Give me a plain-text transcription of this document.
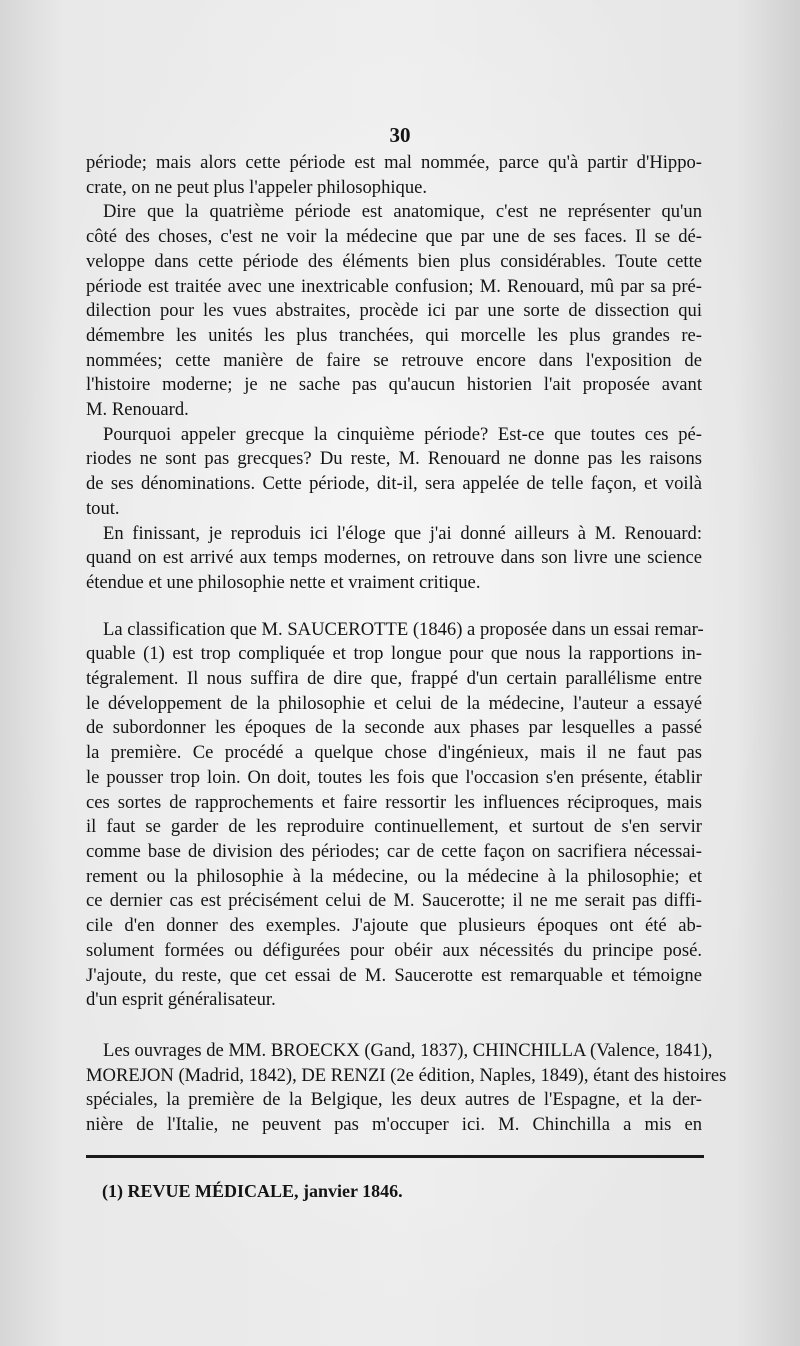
30
période; mais alors cette période est mal nommée, parce qu'à partir d'Hippo-
crate, on ne peut plus l'appeler philosophique.
Dire que la quatrième période est anatomique, c'est ne représenter qu'un
côté des choses, c'est ne voir la médecine que par une de ses faces. Il se dé-
veloppe dans cette période des éléments bien plus considérables. Toute cette
période est traitée avec une inextricable confusion; M. Renouard, mû par sa pré-
dilection pour les vues abstraites, procède ici par une sorte de dissection qui
démembre les unités les plus tranchées, qui morcelle les plus grandes re-
nommées; cette manière de faire se retrouve encore dans l'exposition de
l'histoire moderne; je ne sache pas qu'aucun historien l'ait proposée avant
M. Renouard.
Pourquoi appeler grecque la cinquième période? Est-ce que toutes ces pé-
riodes ne sont pas grecques? Du reste, M. Renouard ne donne pas les raisons
de ses dénominations. Cette période, dit-il, sera appelée de telle façon, et voilà
tout.
En finissant, je reproduis ici l'éloge que j'ai donné ailleurs à M. Renouard:
quand on est arrivé aux temps modernes, on retrouve dans son livre une science
étendue et une philosophie nette et vraiment critique.
La classification que M. SAUCEROTTE (1846) a proposée dans un essai remar-
quable (1) est trop compliquée et trop longue pour que nous la rapportions in-
tégralement. Il nous suffira de dire que, frappé d'un certain parallélisme entre
le développement de la philosophie et celui de la médecine, l'auteur a essayé
de subordonner les époques de la seconde aux phases par lesquelles a passé
la première. Ce procédé a quelque chose d'ingénieux, mais il ne faut pas
le pousser trop loin. On doit, toutes les fois que l'occasion s'en présente, établir
ces sortes de rapprochements et faire ressortir les influences réciproques, mais
il faut se garder de les reproduire continuellement, et surtout de s'en servir
comme base de division des périodes; car de cette façon on sacrifiera nécessai-
rement ou la philosophie à la médecine, ou la médecine à la philosophie; et
ce dernier cas est précisément celui de M. Saucerotte; il ne me serait pas diffi-
cile d'en donner des exemples. J'ajoute que plusieurs époques ont été ab-
solument formées ou défigurées pour obéir aux nécessités du principe posé.
J'ajoute, du reste, que cet essai de M. Saucerotte est remarquable et témoigne
d'un esprit généralisateur.
Les ouvrages de MM. BROECKX (Gand, 1837), CHINCHILLA (Valence, 1841),
MOREJON (Madrid, 1842), DE RENZI (2e édition, Naples, 1849), étant des histoires
spéciales, la première de la Belgique, les deux autres de l'Espagne, et la der-
nière de l'Italie, ne peuvent pas m'occuper ici. M. Chinchilla a mis en
(1) REVUE MÉDICALE, janvier 1846.
